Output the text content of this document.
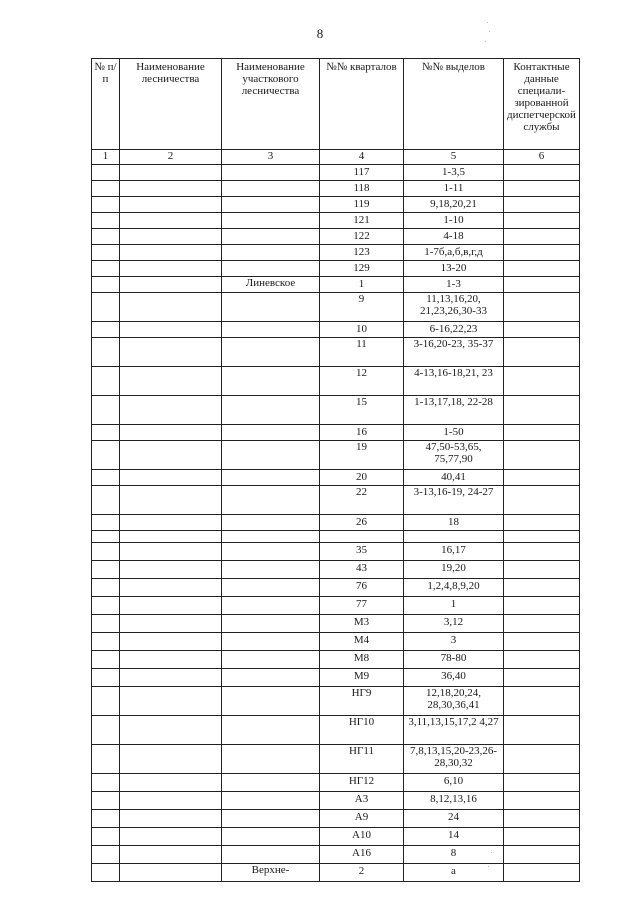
8
№ п/п	Наименование лесничества	Наименование участкового лесничества	№№ кварталов	№№ выделов	Контактные данные специали-зированной диспетчерской службы
1	2	3	4	5	6
			117	1-3,5	
			118	1-11	
			119	9,18,20,21	
			121	1-10	
			122	4-18	
			123	1-7б,а,б,в,г,д	
			129	13-20	
		Линевское	1	1-3	
			9	11,13,16,20, 21,23,26,30-33	
			10	6-16,22,23	
			11	3-16,20-23, 35-37	
			12	4-13,16-18,21, 23	
			15	1-13,17,18, 22-28	
			16	1-50	
			19	47,50-53,65, 75,77,90	
			20	40,41	
			22	3-13,16-19, 24-27	
			26	18	

			35	16,17	
			43	19,20	
			76	1,2,4,8,9,20	
			77	1	
			М3	3,12	
			М4	3	
			М8	78-80	
			М9	36,40	
			НГ9	12,18,20,24, 28,30,36,41	
			НГ10	3,11,13,15,17,2 4,27	
			НГ11	7,8,13,15,20-23,26-28,30,32	
			НГ12	6,10	
			А3	8,12,13,16	
			А9	24	
			А10	14	
			А16	8	
		Верхне-	2	а	
